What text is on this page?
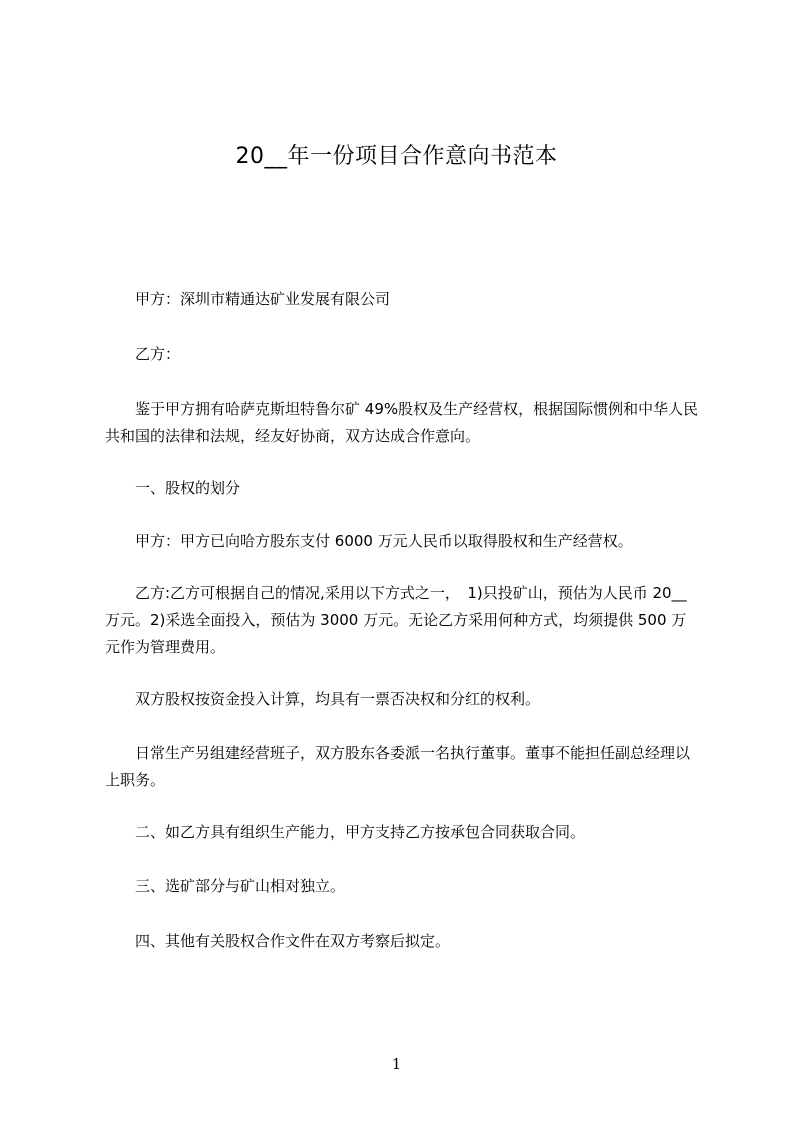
20__年一份项目合作意向书范本
　　甲方：深圳市精通达矿业发展有限公司
　　乙方：
　　鉴于甲方拥有哈萨克斯坦特鲁尔矿 49%股权及生产经营权，根据国际惯例和中华人民共和国的法律和法规，经友好协商，双方达成合作意向。
　　一、股权的划分
　　甲方：甲方已向哈方股东支付 6000 万元人民币以取得股权和生产经营权。
　　乙方:乙方可根据自己的情况,采用以下方式之一，　1)只投矿山，预估为人民币 20__万元。2)采选全面投入，预估为 3000 万元。无论乙方采用何种方式，均须提供 500 万元作为管理费用。
　　双方股权按资金投入计算，均具有一票否决权和分红的权利。
　　日常生产另组建经营班子，双方股东各委派一名执行董事。董事不能担任副总经理以上职务。
　　二、如乙方具有组织生产能力，甲方支持乙方按承包合同获取合同。
　　三、选矿部分与矿山相对独立。
　　四、其他有关股权合作文件在双方考察后拟定。
1
